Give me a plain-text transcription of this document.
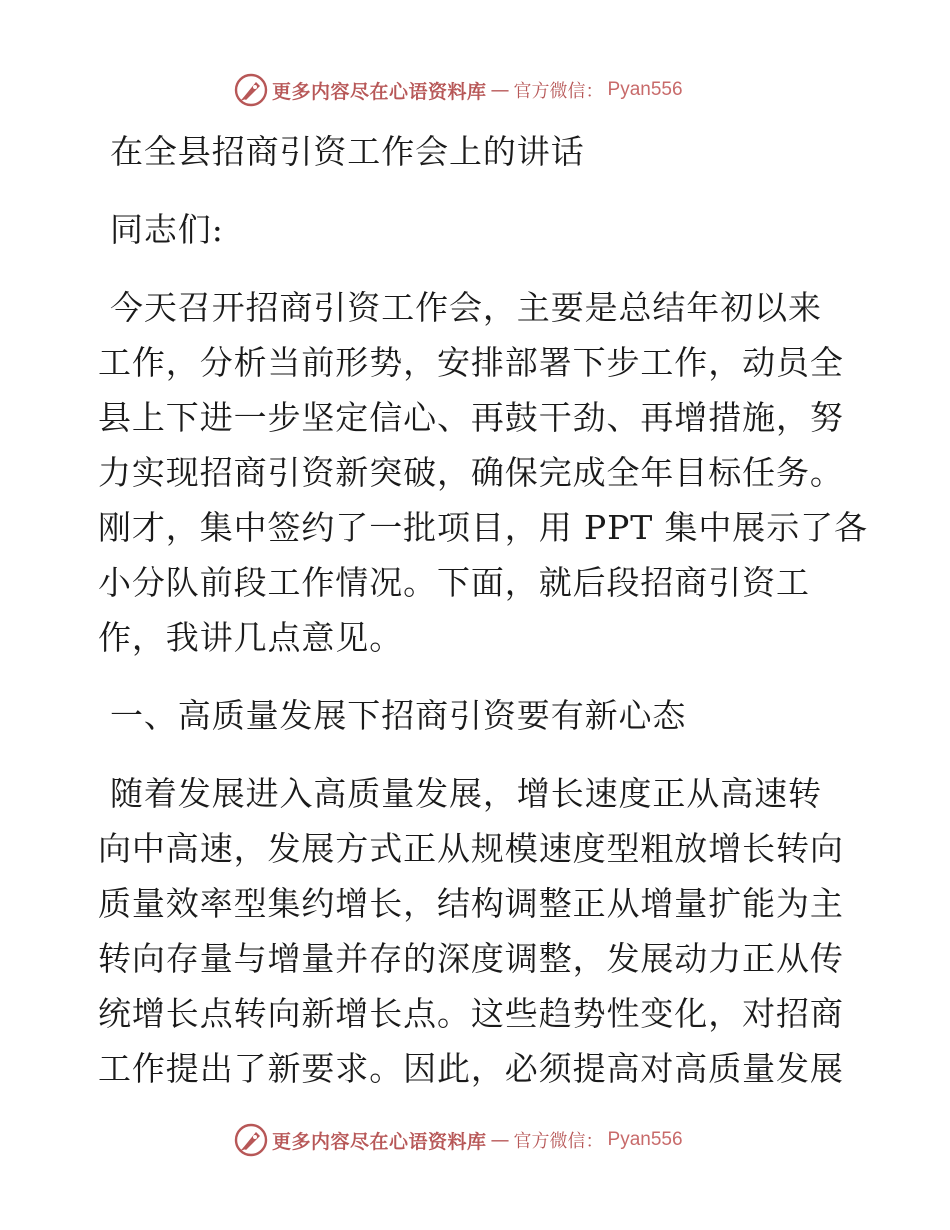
更多内容尽在心语资料库 — 官方微信： Pyan556
在全县招商引资工作会上的讲话
同志们:
今天召开招商引资工作会，主要是总结年初以来
工作，分析当前形势，安排部署下步工作，动员全
县上下进一步坚定信心、再鼓干劲、再增措施，努
力实现招商引资新突破，确保完成全年目标任务。
刚才，集中签约了一批项目，用 PPT 集中展示了各
小分队前段工作情况。下面，就后段招商引资工
作，我讲几点意见。
一、高质量发展下招商引资要有新心态
随着发展进入高质量发展，增长速度正从高速转
向中高速，发展方式正从规模速度型粗放增长转向
质量效率型集约增长，结构调整正从增量扩能为主
转向存量与增量并存的深度调整，发展动力正从传
统增长点转向新增长点。这些趋势性变化，对招商
工作提出了新要求。因此，必须提高对高质量发展
更多内容尽在心语资料库 — 官方微信： Pyan556
